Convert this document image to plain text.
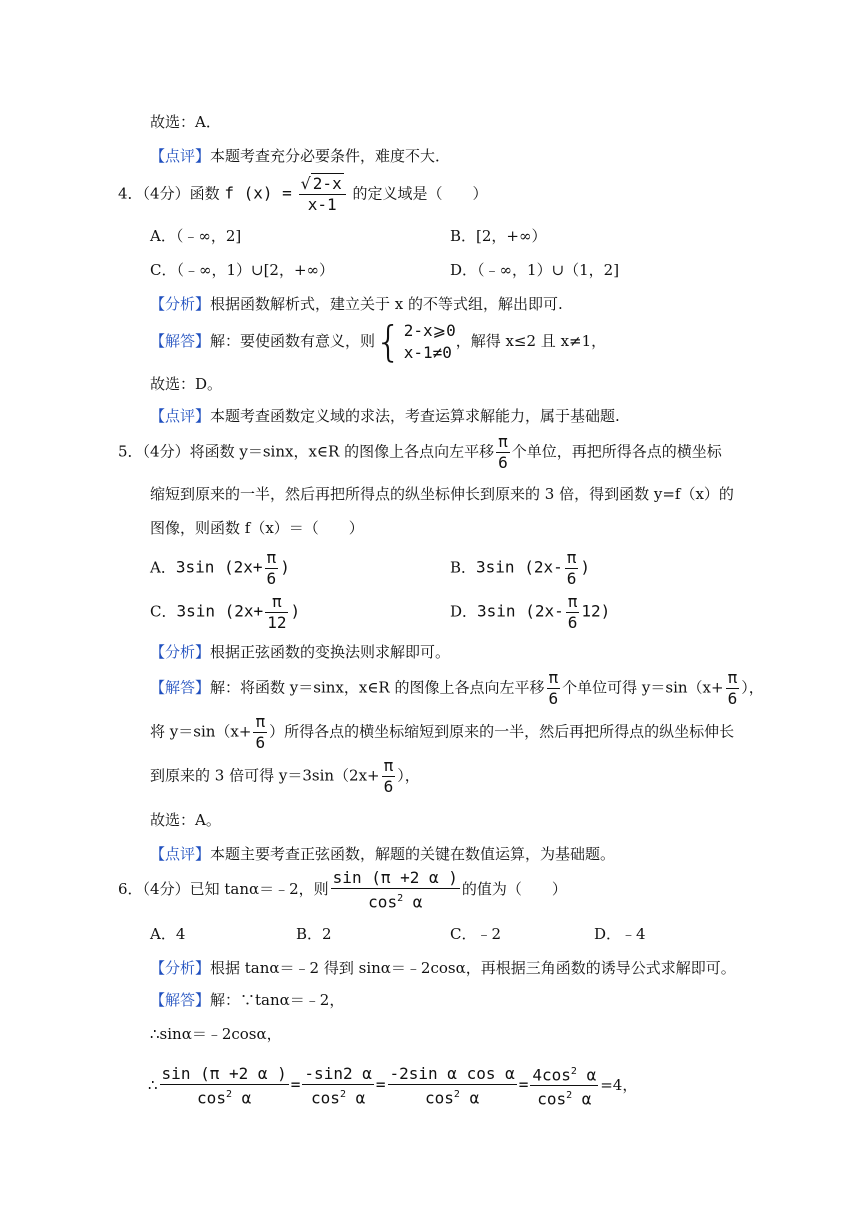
故选：A．
【点评】本题考查充分必要条件，难度不大．
4．（4分）函数 f $(x) = \frac{√ 2-x}{x-1}$ 的定义域是（　　）
A．（﹣∞，2]	B．[2，+∞）
C．（﹣∞，1）∪[2，+∞）	D．（﹣∞，1）∪（1，2]
【分析】根据函数解析式，建立关于 x 的不等式组，解出即可.
【解答】解：要使函数有意义，则{ 2-x⩾0
x-1≠0
，解得 x≤2 且 x≠1，
故选：D。
【点评】本题考查函数定义域的求法，考查运算求解能力，属于基础题.
5．（4分）将函数 y＝sinx，x∈R 的图像上各点向左平移 $\frac{\pi}{6}$ 个单位，再把所得各点的横坐标
缩短到原来的一半，然后再把所得点的纵坐标伸长到原来的 3 倍，得到函数 y=f（x）的
图像，则函数 f（x）＝（　　）
A．3sin ($2x+ \frac{\pi}{6}$ )	B．3sin ($2x- \frac{\pi}{6}$ )
C．3sin ($2x+ \frac{\pi}{12}$ )	D．3sin $(2x- \frac{\pi}{6} 12)$
【分析】根据正弦函数的变换法则求解即可。
【解答】解：将函数 y＝sinx，x∈R 的图像上各点向左平移 $\frac{\pi}{6}$ 个单位可得 $y=\sin(x+ \frac{\pi}{6}$ ），
将 $y=\sin(x+ \frac{\pi}{6}$ ）所得各点的横坐标缩短到原来的一半，然后再把所得点的纵坐标伸长
到原来的 3 倍可得 $y=3\sin(2x+ \frac{\pi}{6}$ ），
故选：A。
【点评】本题主要考查正弦函数，解题的关键在数值运算，为基础题。
6．（4分）已知 tanα＝﹣2，则 $\frac{\sin (\pi +2 \alpha )}{\cos^2 \alpha}$ 的值为（　　）
A．4	B．2	C．﹣2	D．﹣4
【分析】根据 tanα＝﹣2 得到 sinα＝﹣2cosα，再根据三角函数的诱导公式求解即可。
【解答】解：∵tanα＝﹣2，
∴sinα＝﹣2cosα，
∴ $\frac{\sin (\pi +2 \alpha )}{\cos^2 \alpha} = \frac{-\sin 2 \alpha}{\cos^2 \alpha} = \frac{\text{-2sin α cos α}}{\cos^2 \alpha} = \frac{4\cos^2 \alpha}{\cos^2 \alpha} =4$，
